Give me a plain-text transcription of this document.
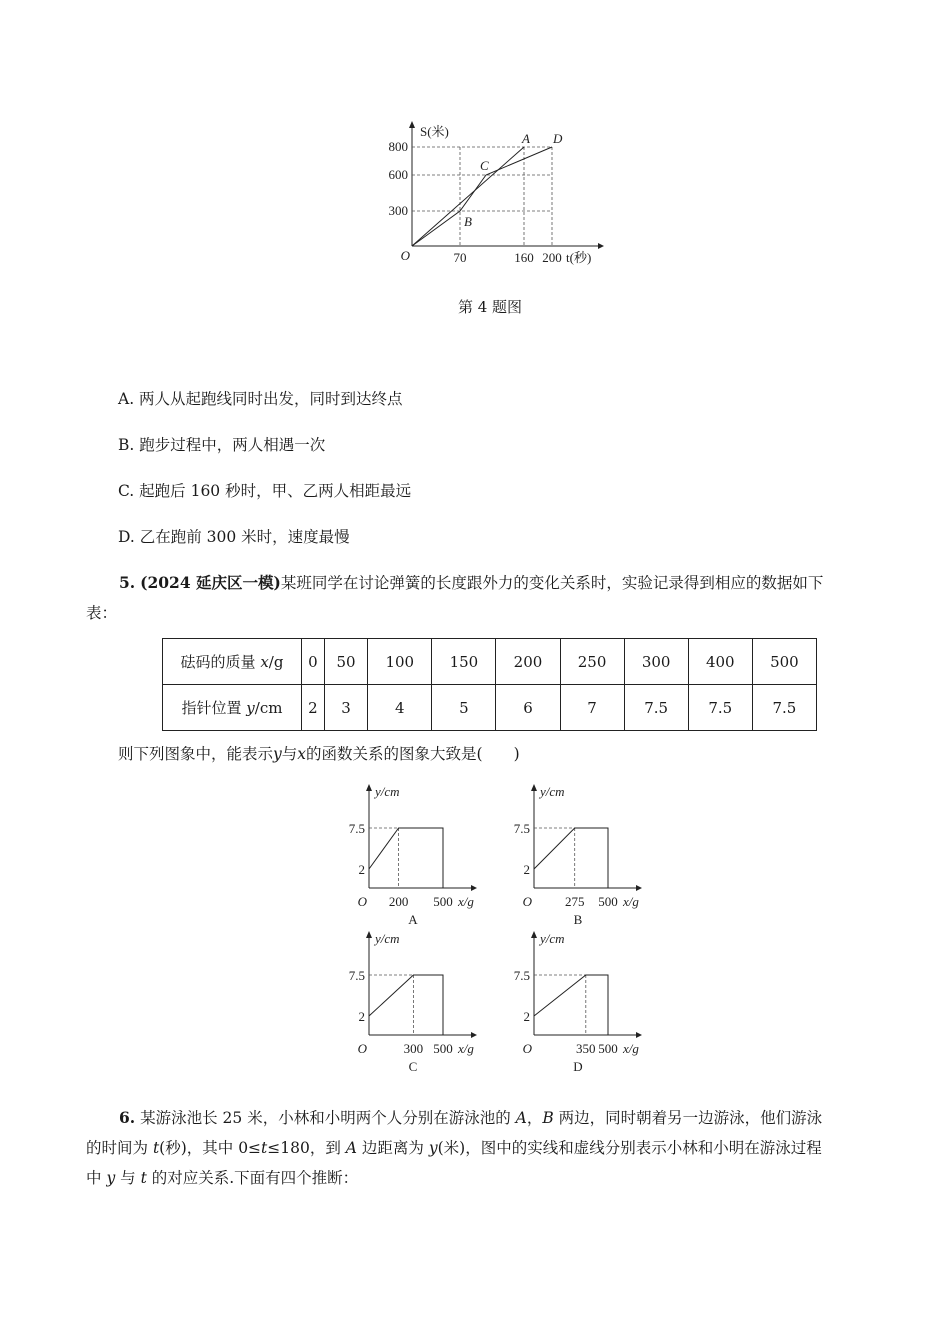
800
600
300
70	160 200
O
S(米)
t(秒)
A
B
C
D
第 4 题图
A. 两人从起跑线同时出发，同时到达终点
B. 跑步过程中，两人相遇一次
C. 起跑后 160 秒时，甲、乙两人相距最远
D. 乙在跑前 300 米时，速度最慢
5. (2024 延庆区一模)某班同学在讨论弹簧的长度跟外力的变化关系时，实验记录得到相应的数据如下
表：
砝码的质量 x/g	0	50	100	150	200	250	300	400	500
指针位置 y/cm	2	3	4	5	6	7	7.5	7.5	7.5
则下列图象中，能表示y与x的函数关系的图象大致是(　　)
y/cm
7.5
2
O 200 500 x/g
A
y/cm
7.5
2
O	275 500 x/g
B
y/cm
7.5
2
O	300 500 x/g
C
y/cm
7.5
2
O	350 500 x/g
D
6. 某游泳池长 25 米，小林和小明两个人分别在游泳池的 A，B 两边，同时朝着另一边游泳，他们游泳
的时间为 t(秒)，其中 0≤t≤180，到 A 边距离为 y(米)，图中的实线和虚线分别表示小林和小明在游泳过程
中 y 与 t 的对应关系.下面有四个推断：
